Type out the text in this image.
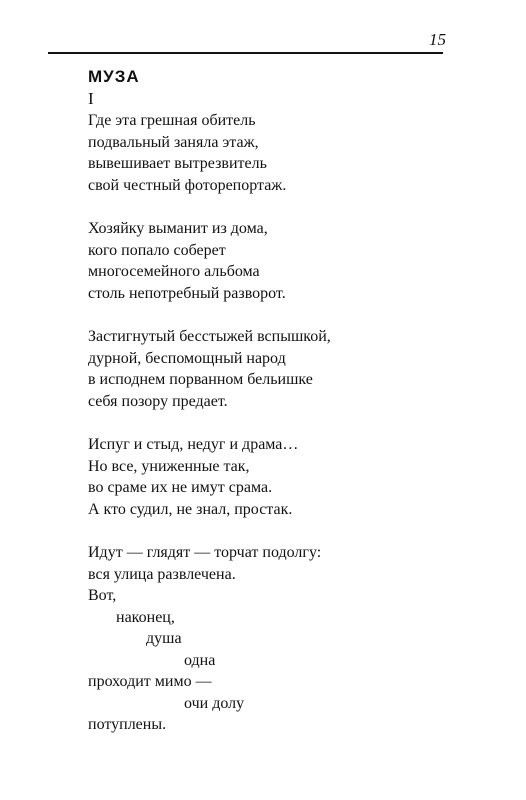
15
МУЗА
I
Где эта грешная обитель
подвальный заняла этаж,
вывешивает вытрезвитель
свой честный фоторепортаж.
Хозяйку выманит из дома,
кого попало соберет
многосемейного альбома
столь непотребный разворот.
Застигнутый бесстыжей вспышкой,
дурной, беспомощный народ
в исподнем порванном бельишке
себя позору предает.
Испуг и стыд, недуг и драма…
Но все, униженные так,
во сраме их не имут срама.
А кто судил, не знал, простак.
Идут — глядят — торчат подолгу:
вся улица развлечена.
Вот,
наконец,
душа
одна
проходит мимо —
очи долу
потуплены.
